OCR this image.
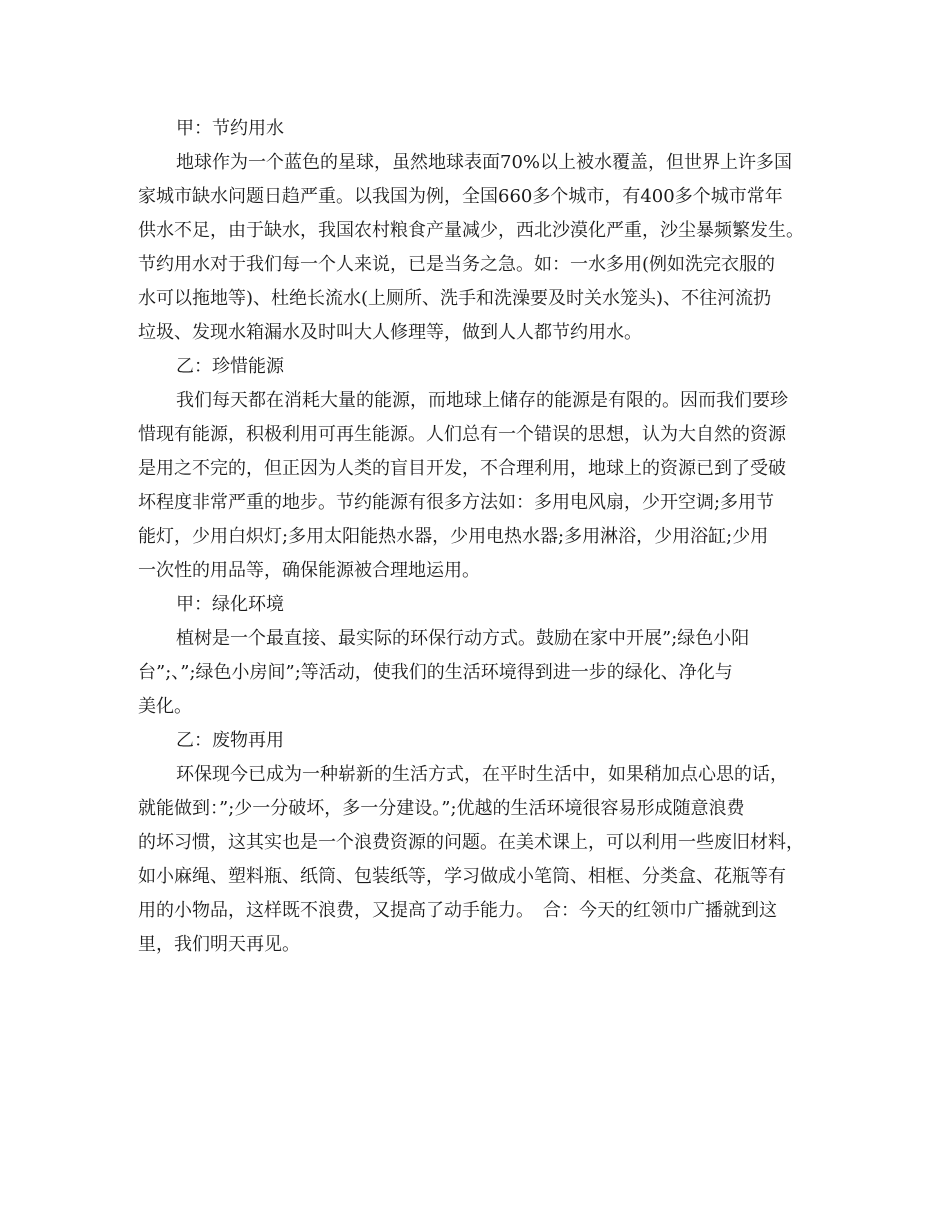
甲：节约用水

地球作为一个蓝色的星球，虽然地球表面70%以上被水覆盖，但世界上许多国
家城市缺水问题日趋严重。以我国为例，全国660多个城市，有400多个城市常年
供水不足，由于缺水，我国农村粮食产量减少，西北沙漠化严重，沙尘暴频繁发生。
节约用水对于我们每一个人来说，已是当务之急。如：一水多用(例如洗完衣服的
水可以拖地等)、杜绝长流水(上厕所、洗手和洗澡要及时关水笼头)、不往河流扔
垃圾、发现水箱漏水及时叫大人修理等，做到人人都节约用水。

乙：珍惜能源

我们每天都在消耗大量的能源，而地球上储存的能源是有限的。因而我们要珍
惜现有能源，积极利用可再生能源。人们总有一个错误的思想，认为大自然的资源
是用之不完的，但正因为人类的盲目开发，不合理利用，地球上的资源已到了受破
坏程度非常严重的地步。节约能源有很多方法如：多用电风扇，少开空调;多用节
能灯，少用白炽灯;多用太阳能热水器，少用电热水器;多用淋浴，少用浴缸;少用
一次性的用品等，确保能源被合理地运用。

甲：绿化环境

植树是一个最直接、最实际的环保行动方式。鼓励在家中开展”;绿色小阳
台”;、”;绿色小房间”;等活动，使我们的生活环境得到进一步的绿化、净化与
美化。

乙：废物再用

环保现今已成为一种崭新的生活方式，在平时生活中，如果稍加点心思的话，
就能做到：”;少一分破坏，多一分建设。”;优越的生活环境很容易形成随意浪费
的坏习惯，这其实也是一个浪费资源的问题。在美术课上，可以利用一些废旧材料，
如小麻绳、塑料瓶、纸筒、包装纸等，学习做成小笔筒、相框、分类盒、花瓶等有
用的小物品，这样既不浪费，又提高了动手能力。　合：今天的红领巾广播就到这
里，我们明天再见。
